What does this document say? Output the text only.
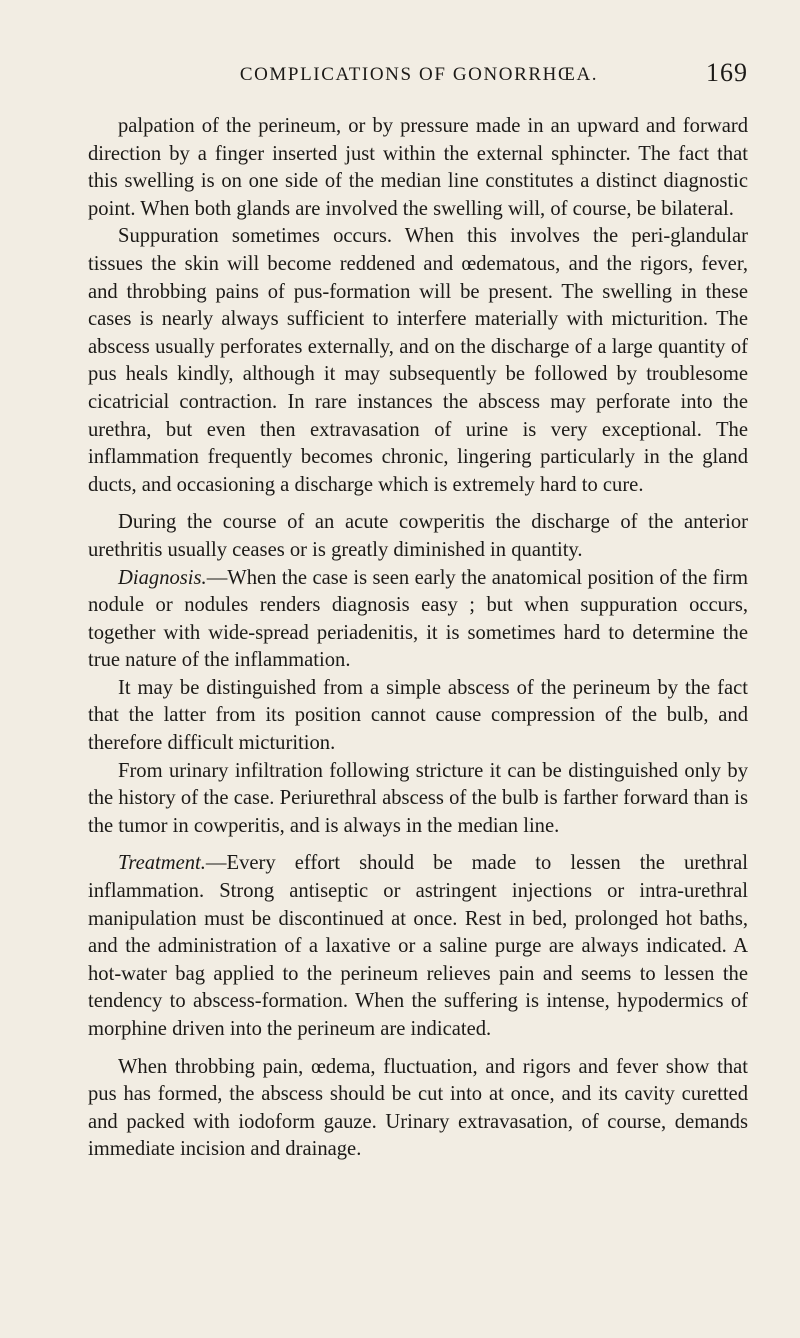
COMPLICATIONS OF GONORRHŒA.	169

palpation of the perineum, or by pressure made in an upward and forward direction by a finger inserted just within the external sphincter. The fact that this swelling is on one side of the median line constitutes a distinct diagnostic point. When both glands are involved the swelling will, of course, be bilateral.

Suppuration sometimes occurs. When this involves the peri-glandular tissues the skin will become reddened and œdematous, and the rigors, fever, and throbbing pains of pus-formation will be present. The swelling in these cases is nearly always sufficient to interfere materially with micturition. The abscess usually perforates externally, and on the discharge of a large quantity of pus heals kindly, although it may subsequently be followed by troublesome cicatricial contraction. In rare instances the abscess may perforate into the urethra, but even then extravasation of urine is very exceptional. The inflammation frequently becomes chronic, lingering particularly in the gland ducts, and occasioning a discharge which is extremely hard to cure.

During the course of an acute cowperitis the discharge of the anterior urethritis usually ceases or is greatly diminished in quantity.

Diagnosis.—When the case is seen early the anatomical position of the firm nodule or nodules renders diagnosis easy ; but when suppuration occurs, together with wide-spread periadenitis, it is sometimes hard to determine the true nature of the inflammation.

It may be distinguished from a simple abscess of the perineum by the fact that the latter from its position cannot cause compression of the bulb, and therefore difficult micturition.

From urinary infiltration following stricture it can be distinguished only by the history of the case. Periurethral abscess of the bulb is farther forward than is the tumor in cowperitis, and is always in the median line.

Treatment.—Every effort should be made to lessen the urethral inflammation. Strong antiseptic or astringent injections or intra-urethral manipulation must be discontinued at once. Rest in bed, prolonged hot baths, and the administration of a laxative or a saline purge are always indicated. A hot-water bag applied to the perineum relieves pain and seems to lessen the tendency to abscess-formation. When the suffering is intense, hypodermics of morphine driven into the perineum are indicated.

When throbbing pain, œdema, fluctuation, and rigors and fever show that pus has formed, the abscess should be cut into at once, and its cavity curetted and packed with iodoform gauze. Urinary extravasation, of course, demands immediate incision and drainage.
